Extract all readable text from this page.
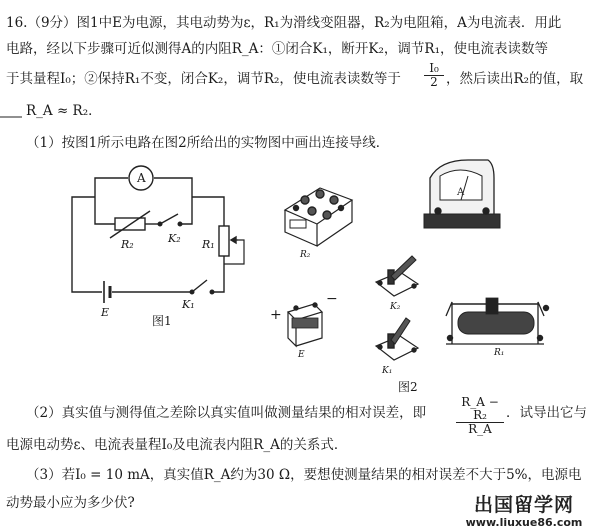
16.（9分）图1中E为电源，其电动势为ε，R₁为滑线变阻器，R₂为电阻箱，A为电流表．用此
电路，经以下步骤可近似测得A的内阻R_A：①闭合K₁，断开K₂，调节R₁，使电流表读数等
于其量程I₀；②保持R₁不变，闭合K₂，调节R₂，使电流表读数等于 $\frac{\text{I₀}}{2}$ ，然后读出R₂的值，取
R_A ≈ R₂．
（1）按图1所示电路在图2所给出的实物图中画出连接导线．
（2）真实值与测得值之差除以真实值叫做测量结果的相对误差，即 $\frac{\text{R\_A − R₂}}{R\_A}$ ．试导出它与
电源电动势ε、电流表量程I₀及电流表内阻R_A的关系式．
（3）若I₀ = 10 mA，真实值R_A约为30 Ω，要想使测量结果的相对误差不大于5%，电源电
动势最小应为多少伏?
A
R₂	K₂ R₁
E
K₁
图1
R₂
A
K₂
+
−
E
K₁
R₁
图2
出国留学网
www.liuxue86.com
